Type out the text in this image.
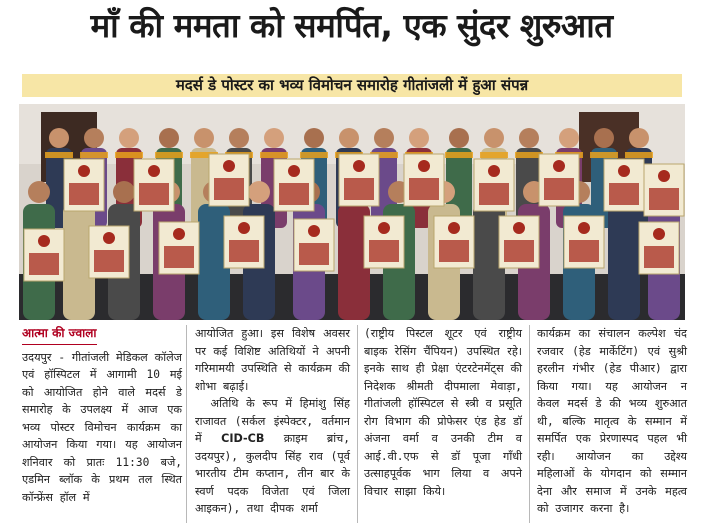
माँ की ममता को समर्पित, एक सुंदर शुरुआत
मदर्स डे पोस्टर का भव्य विमोचन समारोह गीतांजली में हुआ संपन्न
आत्मा की ज्वाला

उदयपुर - गीतांजली मेडिकल कॉलेज एवं हॉस्पिटल में आगामी 10 मई को आयोजित होने वाले मदर्स डे समारोह के उपलक्ष्य में आज एक भव्य पोस्टर विमोचन कार्यक्रम का आयोजन किया गया। यह आयोजन शनिवार को प्रातः 11:30 बजे, एडमिन ब्लॉक के प्रथम तल स्थित कॉन्फ्रेंस हॉल में

आयोजित हुआ। इस विशेष अवसर पर कई विशिष्ट अतिथियों ने अपनी गरिमामयी उपस्थिति से कार्यक्रम की शोभा बढ़ाई।

अतिथि के रूप में हिमांशु सिंह राजावत (सर्कल इंस्पेक्टर, वर्तमान में CID-CB क्राइम ब्रांच, उदयपुर), कुलदीप सिंह राव (पूर्व भारतीय टीम कप्तान, तीन बार के स्वर्ण पदक विजेता एवं जिला आइकन), तथा दीपक शर्मा

(राष्ट्रीय पिस्टल शूटर एवं राष्ट्रीय बाइक रेसिंग चैंपियन) उपस्थित रहे। इनके साथ ही प्रेक्षा एंटरटेनमेंट्स की निदेशक श्रीमती दीपमाला मेवाड़ा, गीतांजली हॉस्पिटल से स्त्री व प्रसूति रोग विभाग की प्रोफेसर एंड हेड डॉ अंजना वर्मा व उनकी टीम व आई.वी.एफ से डॉ पूजा गाँधी उत्साहपूर्वक भाग लिया व अपने विचार साझा किये।

कार्यक्रम का संचालन कल्पेश चंद रजवार (हेड मार्केटिंग) एवं सुश्री हरलीन गंभीर (हेड पीआर) द्वारा किया गया। यह आयोजन न केवल मदर्स डे की भव्य शुरुआत थी, बल्कि मातृत्व के सम्मान में समर्पित एक प्रेरणास्पद पहल भी रही। आयोजन का उद्देश्य महिलाओं के योगदान को सम्मान देना और समाज में उनके महत्व को उजागर करना है।
